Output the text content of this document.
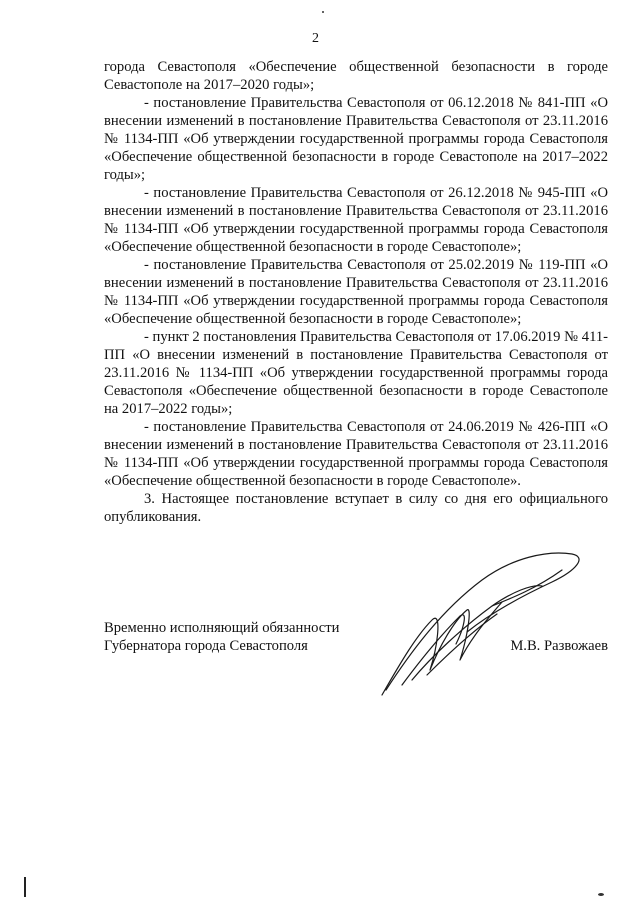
2

города Севастополя «Обеспечение общественной безопасности в городе Севастополе на 2017–2020 годы»;

- постановление Правительства Севастополя от 06.12.2018 № 841-ПП «О внесении изменений в постановление Правительства Севастополя от 23.11.2016 № 1134-ПП «Об утверждении государственной программы города Севастополя «Обеспечение общественной безопасности в городе Севастополе на 2017–2022 годы»;

- постановление Правительства Севастополя от 26.12.2018 № 945-ПП «О внесении изменений в постановление Правительства Севастополя от 23.11.2016 № 1134-ПП «Об утверждении государственной программы города Севастополя «Обеспечение общественной безопасности в городе Севастополе»;

- постановление Правительства Севастополя от 25.02.2019 № 119-ПП «О внесении изменений в постановление Правительства Севастополя от 23.11.2016 № 1134-ПП «Об утверждении государственной программы города Севастополя «Обеспечение общественной безопасности в городе Севастополе»;

- пункт 2 постановления Правительства Севастополя от 17.06.2019 № 411-ПП «О внесении изменений в постановление Правительства Севастополя от 23.11.2016 № 1134-ПП «Об утверждении государственной программы города Севастополя «Обеспечение общественной безопасности в городе Севастополе на 2017–2022 годы»;

- постановление Правительства Севастополя от 24.06.2019 № 426-ПП «О внесении изменений в постановление Правительства Севастополя от 23.11.2016 № 1134-ПП «Об утверждении государственной программы города Севастополя «Обеспечение общественной безопасности в городе Севастополе».

3. Настоящее постановление вступает в силу со дня его официального опубликования.

Временно исполняющий обязанности
Губернатора города Севастополя	М.В. Развожаев
